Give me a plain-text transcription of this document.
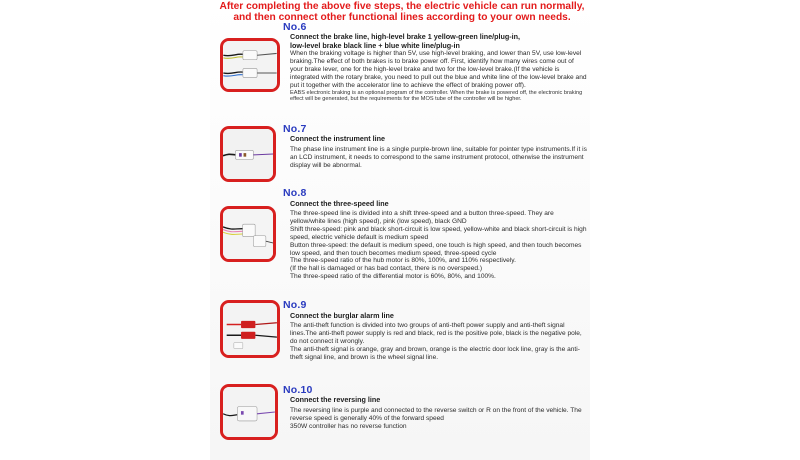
After completing the above five steps, the electric vehicle can run normally,
and then connect other functional lines according to your own needs.
No.6
Connect the brake line, high-level brake 1 yellow-green line/plug-in,
low-level brake black line + blue white line/plug-in

When the braking voltage is higher than 5V, use high-level braking, and lower than 5V, use low-level braking.The effect of both brakes is to brake power off. First, identify how many wires come out of your brake lever, one for the high-level brake and two for the low-level brake.(If the vehicle is integrated with the rotary brake, you need to pull out the blue and white line of the low-level brake and put it together with the accelerator line to achieve the effect of braking power off).

EABS electronic braking is an optional program of the controller. When the brake is powered off, the electronic braking effect will be generated, but the requirements for the MOS tube of the controller will be higher.

No.7
Connect the instrument line

The phase line instrument line is a single purple-brown line, suitable for pointer type instruments.If it is an LCD instrument, it needs to correspond to the same instrument protocol, otherwise the instrument display will be abnormal.

No.8
Connect the three-speed line

The three-speed line is divided into a shift three-speed and a button three-speed. They are yellow/white lines (high speed), pink (low speed), black GND

Shift three-speed: pink and black short-circuit is low speed, yellow-white and black short-circuit is high speed, electric vehicle default is medium speed

Button three-speed: the default is medium speed, one touch is high speed, and then touch becomes low speed, and then touch becomes medium speed, three-speed cycle

The three-speed ratio of the hub motor is 80%, 100%, and 110% respectively.

(If the hall is damaged or has bad contact, there is no overspeed.)

The three-speed ratio of the differential motor is 60%, 80%, and 100%.

No.9
Connect the burglar alarm line

The anti-theft function is divided into two groups of anti-theft power supply and anti-theft signal lines.The anti-theft power supply is red and black, red is the positive pole, black is the negative pole, do not connect it wrongly.

The anti-theft signal is orange, gray and brown, orange is the electric door lock line, gray is the anti-theft signal line, and brown is the wheel signal line.

No.10
Connect the reversing line

The reversing line is purple and connected to the reverse switch or R on the front of the vehicle. The reverse speed is generally 40% of the forward speed

350W controller has no reverse function
